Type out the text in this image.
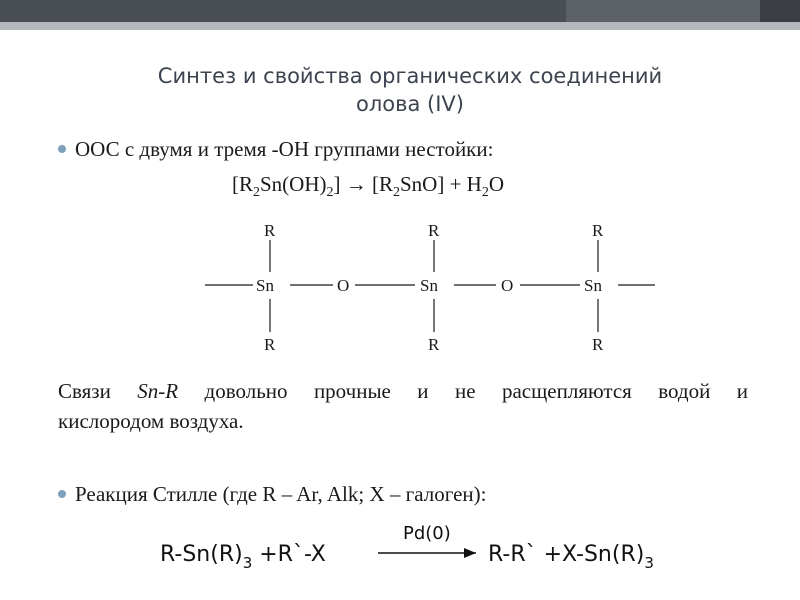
Синтез и свойства органических соединений
олова (IV)
ООС с двумя и тремя -ОН группами нестойки:
$[R_2Sn(OH)_2] \to [R_2SnO] + H_2O$
R	R	R
Sn	O	Sn	O	Sn
R	R	R
Связи Sn-R довольно прочные и не расщепляются водой и
кислородом воздуха.
Реакция Стилле (где R – Ar, Alk; X – галоген):
$R-Sn(R)_3$ +R`-X
Pd(0)
R-R` $+X-Sn(R)_3$
